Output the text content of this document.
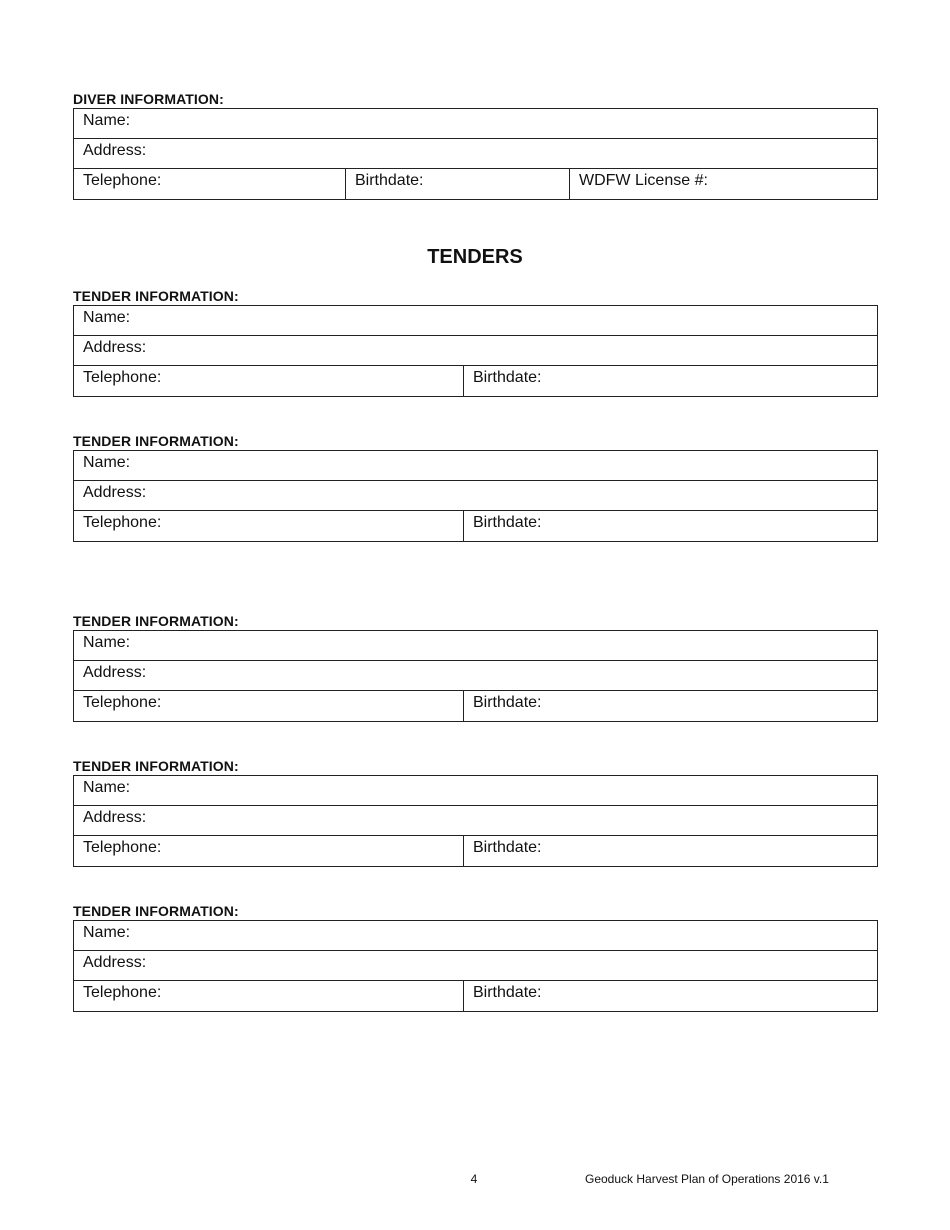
DIVER INFORMATION:
Name:
Address:
Telephone:	Birthdate:	WDFW License #:
TENDERS
TENDER INFORMATION:
Name:
Address:
Telephone:	Birthdate:
TENDER INFORMATION:
Name:
Address:
Telephone:	Birthdate:
TENDER INFORMATION:
Name:
Address:
Telephone:	Birthdate:
TENDER INFORMATION:
Name:
Address:
Telephone:	Birthdate:
TENDER INFORMATION:
Name:
Address:
Telephone:	Birthdate:
4	Geoduck Harvest Plan of Operations 2016 v.1
